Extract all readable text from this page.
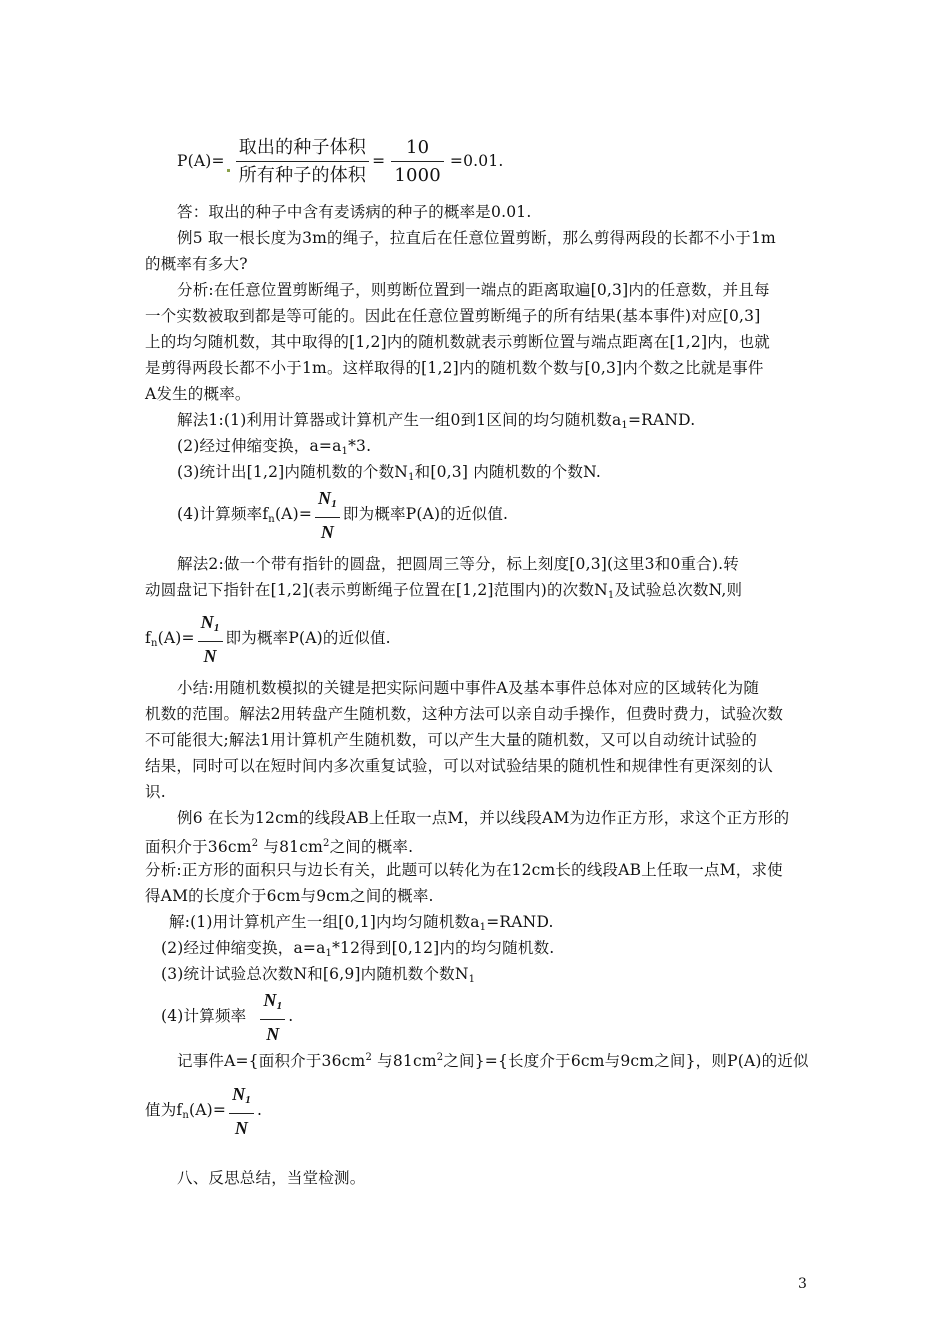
$P(A)= \frac{\text{取出的种子体积}}{\text{所有种子的体积}} = \frac{10}{1000} =0.01$.
答：取出的种子中含有麦诱病的种子的概率是0.01.
例5 取一根长度为3m的绳子，拉直后在任意位置剪断，那么剪得两段的长都不小于1m
的概率有多大?
分析:在任意位置剪断绳子，则剪断位置到一端点的距离取遍[0,3]内的任意数，并且每
一个实数被取到都是等可能的。因此在任意位置剪断绳子的所有结果(基本事件)对应[0,3]
上的均匀随机数，其中取得的[1,2]内的随机数就表示剪断位置与端点距离在[1,2]内，也就
是剪得两段长都不小于1m。这样取得的[1,2]内的随机数个数与[0,3]内个数之比就是事件
A发生的概率。
解法1:(1)利用计算器或计算机产生一组0到1区间的均匀随机数$a_1=RAND$.
(2)经过伸缩变换，$a=a_1*3$.
(3)统计出[1,2]内随机数的个数$N_1$和[0,3] 内随机数的个数N.
(4)计算频率$f_n(A)= \frac{N_1}{N}$ 即为概率P(A)的近似值.
解法2:做一个带有指针的圆盘，把圆周三等分，标上刻度[0,3](这里3和0重合).转
动圆盘记下指针在[1,2](表示剪断绳子位置在[1,2]范围内)的次数$N_1$及试验总次数N,则
$f_n(A)= \frac{N_1}{N}$ 即为概率P(A)的近似值.
小结:用随机数模拟的关键是把实际问题中事件A及基本事件总体对应的区域转化为随
机数的范围。解法2用转盘产生随机数，这种方法可以亲自动手操作，但费时费力，试验次数
不可能很大;解法1用计算机产生随机数，可以产生大量的随机数，又可以自动统计试验的
结果，同时可以在短时间内多次重复试验，可以对试验结果的随机性和规律性有更深刻的认
识.
例6 在长为12cm的线段AB上任取一点M，并以线段AM为边作正方形，求这个正方形的
面积介于$36cm^2$ 与$81cm^2$之间的概率.
分析:正方形的面积只与边长有关，此题可以转化为在12cm长的线段AB上任取一点M，求使
得AM的长度介于6cm与9cm之间的概率.
解:(1)用计算机产生一组[0,1]内均匀随机数$a_1=RAND$.
(2)经过伸缩变换，$a=a_1*12$得到[0,12]内的均匀随机数.
(3)统计试验总次数N和[6,9]内随机数个数$N_1$
(4)计算频率 $\frac{N_1}{N}$ .
记事件A={面积介于$36cm^2$ 与$81cm^2$之间}={长度介于6cm与9cm之间}，则P(A)的近似
值为$f_n(A)= \frac{N_1}{N}$ .
八、反思总结，当堂检测。
3
